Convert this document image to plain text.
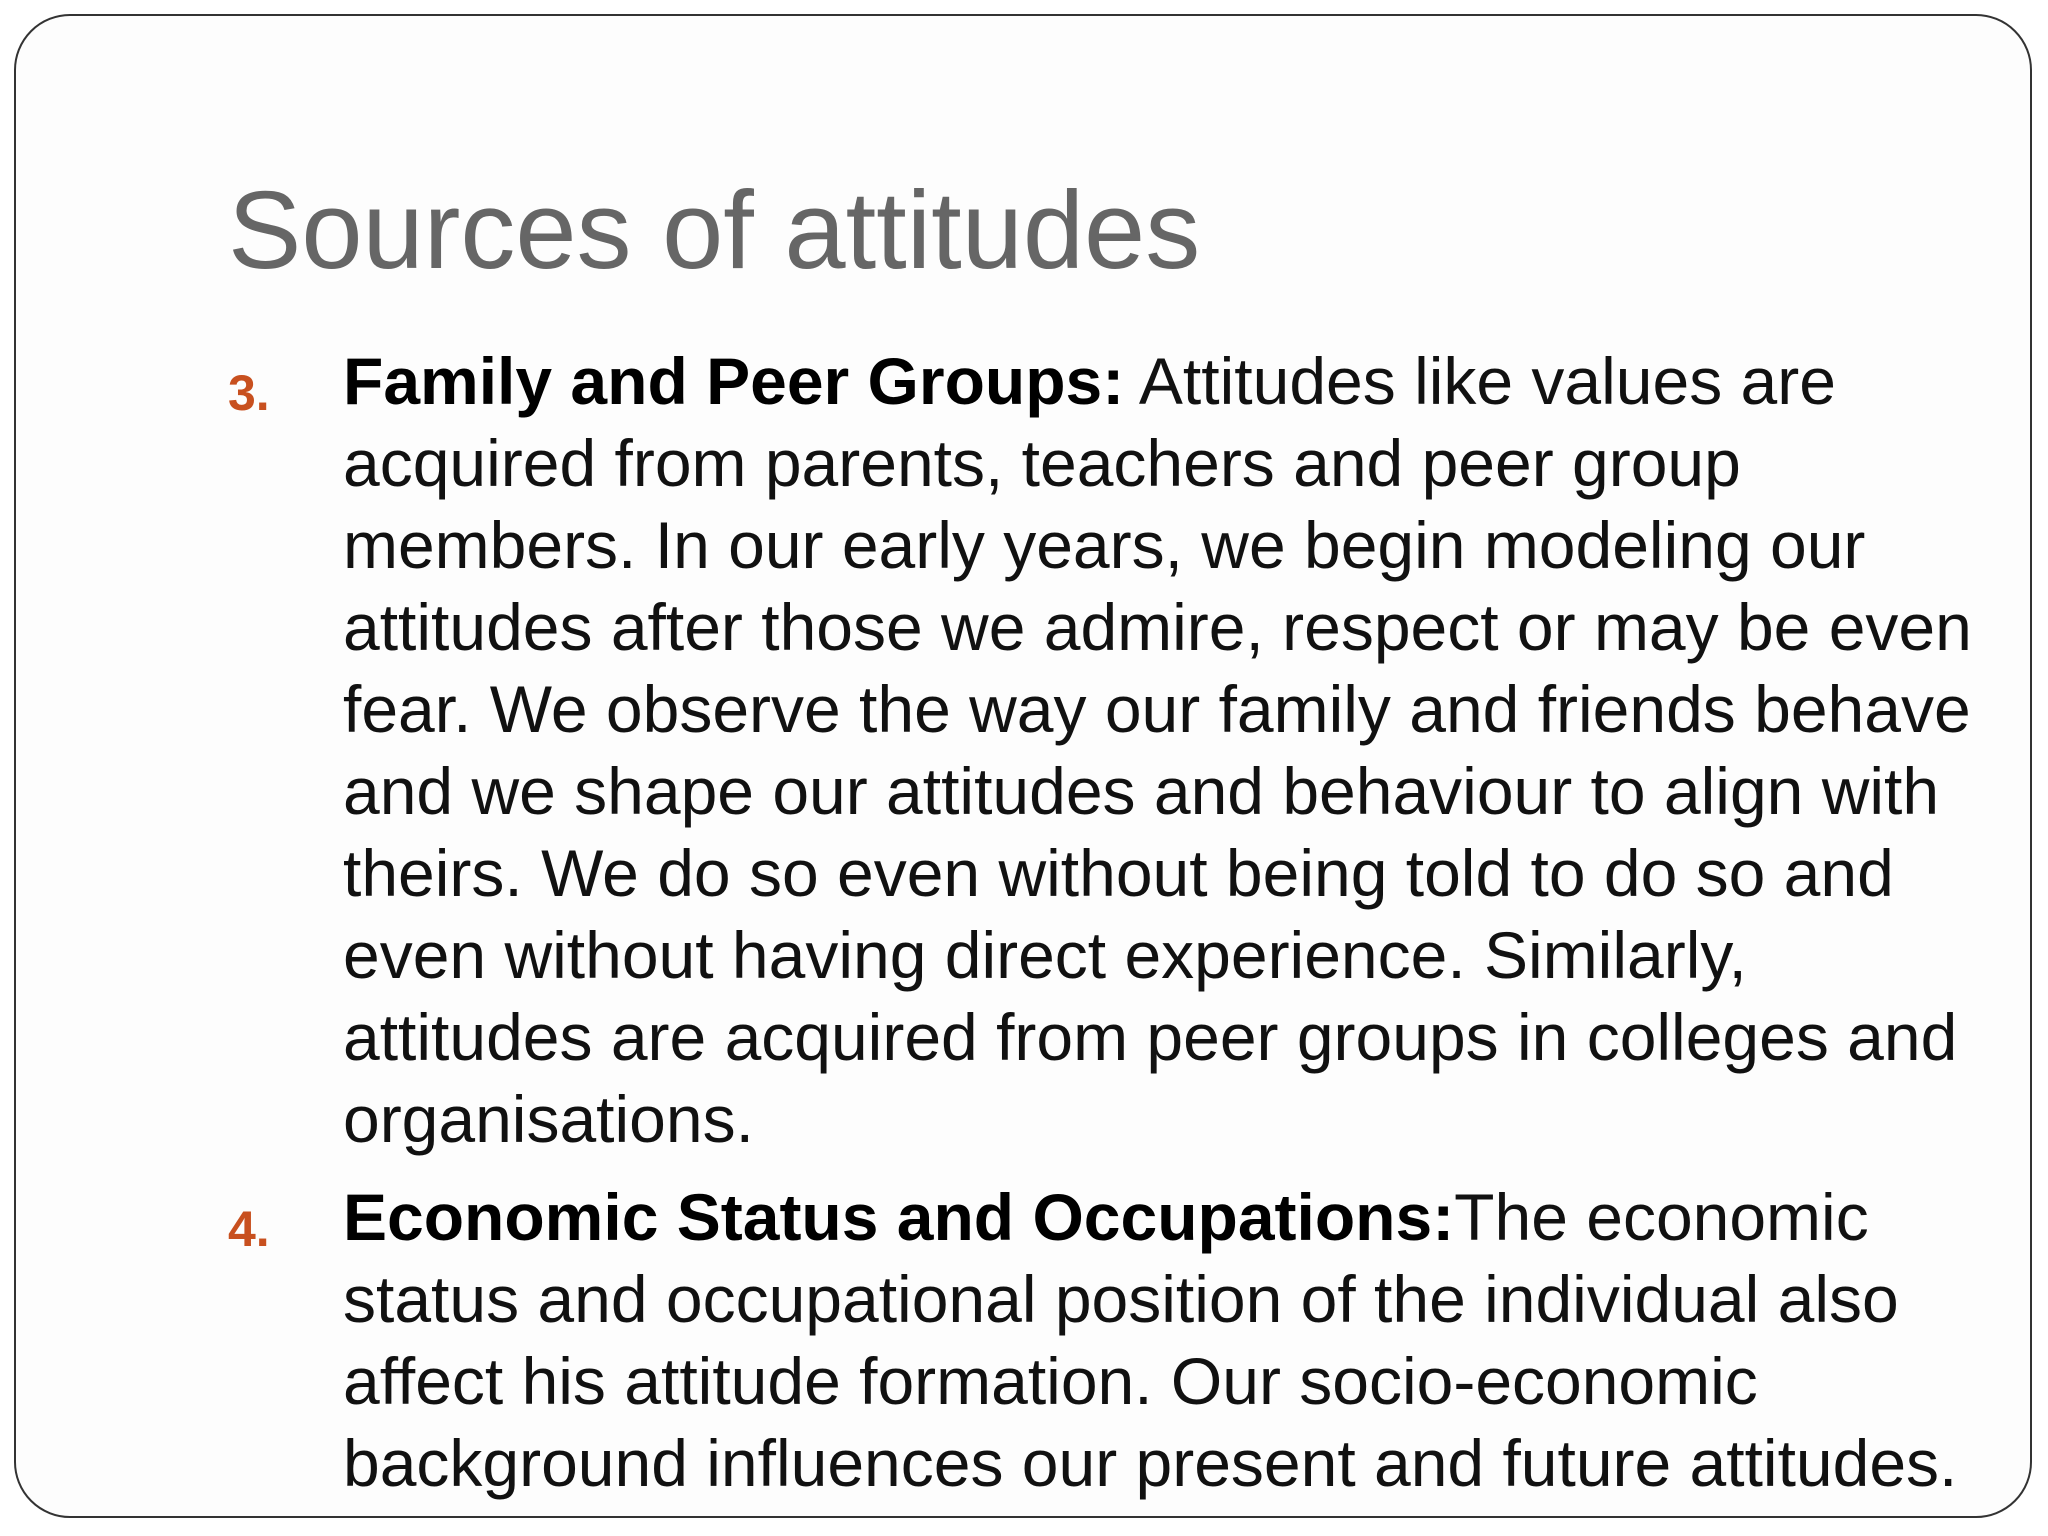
Sources of attitudes
3. Family and Peer Groups: Attitudes like values are acquired from parents, teachers and peer group members. In our early years, we begin modeling our attitudes after those we admire, respect or may be even fear. We observe the way our family and friends behave and we shape our attitudes and behaviour to align with theirs. We do so even without being told to do so and even without having direct experience. Similarly, attitudes are acquired from peer groups in colleges and organisations.

4. Economic Status and Occupations:The economic status and occupational position of the individual also affect his attitude formation. Our socio-economic background influences our present and future attitudes.
